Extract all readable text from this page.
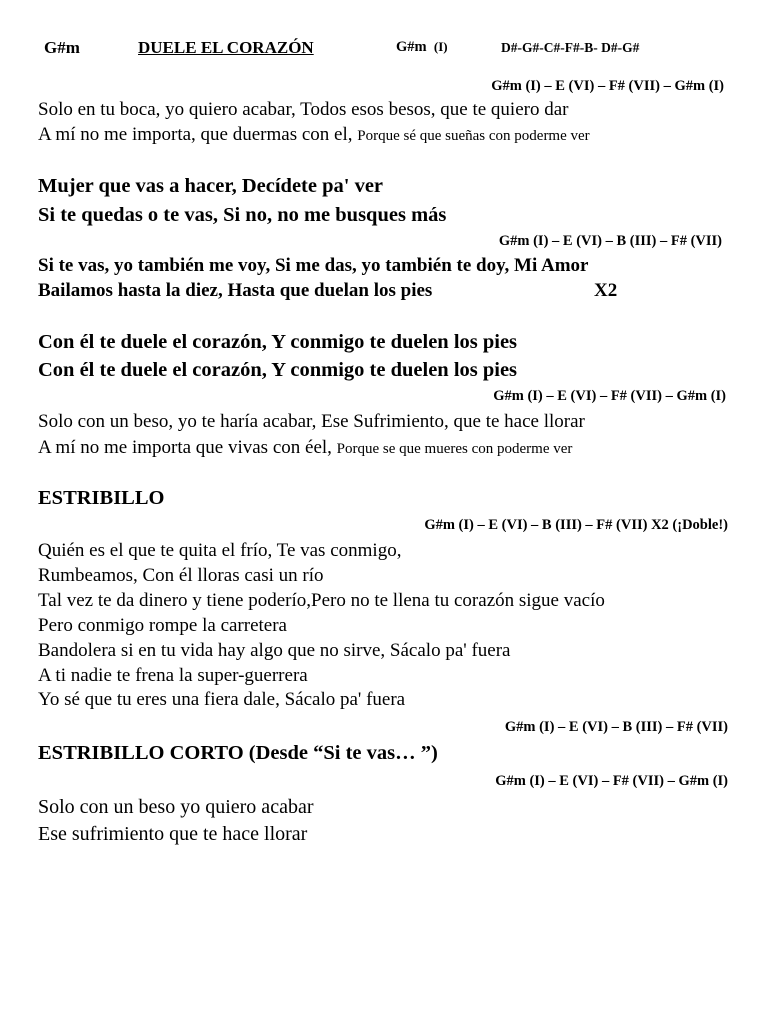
G#m	DUELE EL CORAZÓN	G#m (I)	D#-G#-C#-F#-B- D#-G#
G#m (I) – E (VI) – F# (VII) – G#m (I)
Solo en tu boca, yo quiero acabar, Todos esos besos, que te quiero dar
A mí no me importa, que duermas con el, Porque sé que sueñas con poderme ver
Mujer que vas a hacer, Decídete pa' ver
Si te quedas o te vas, Si no, no me busques más
G#m (I) – E (VI) – B (III) – F# (VII)
Si te vas, yo también me voy, Si me das, yo también te doy, Mi Amor
Bailamos hasta la diez, Hasta que duelan los pies	X2
Con él te duele el corazón, Y conmigo te duelen los pies
Con él te duele el corazón, Y conmigo te duelen los pies
G#m (I) – E (VI) – F# (VII) – G#m (I)
Solo con un beso, yo te haría acabar, Ese Sufrimiento, que te hace llorar
A mí no me importa que vivas con éel, Porque se que mueres con poderme ver
ESTRIBILLO
G#m (I) – E (VI) – B (III) – F# (VII) X2 (¡Doble!)
Quién es el que te quita el frío, Te vas conmigo,
Rumbeamos, Con él lloras casi un río
Tal vez te da dinero y tiene poderío,Pero no te llena tu corazón sigue vacío
Pero conmigo rompe la carretera
Bandolera si en tu vida hay algo que no sirve, Sácalo pa' fuera
A ti nadie te frena la super-guerrera
Yo sé que tu eres una fiera dale, Sácalo pa' fuera
G#m (I) – E (VI) – B (III) – F# (VII)
ESTRIBILLO CORTO (Desde “Si te vas… ”)
G#m (I) – E (VI) – F# (VII) – G#m (I)
Solo con un beso yo quiero acabar
Ese sufrimiento que te hace llorar
